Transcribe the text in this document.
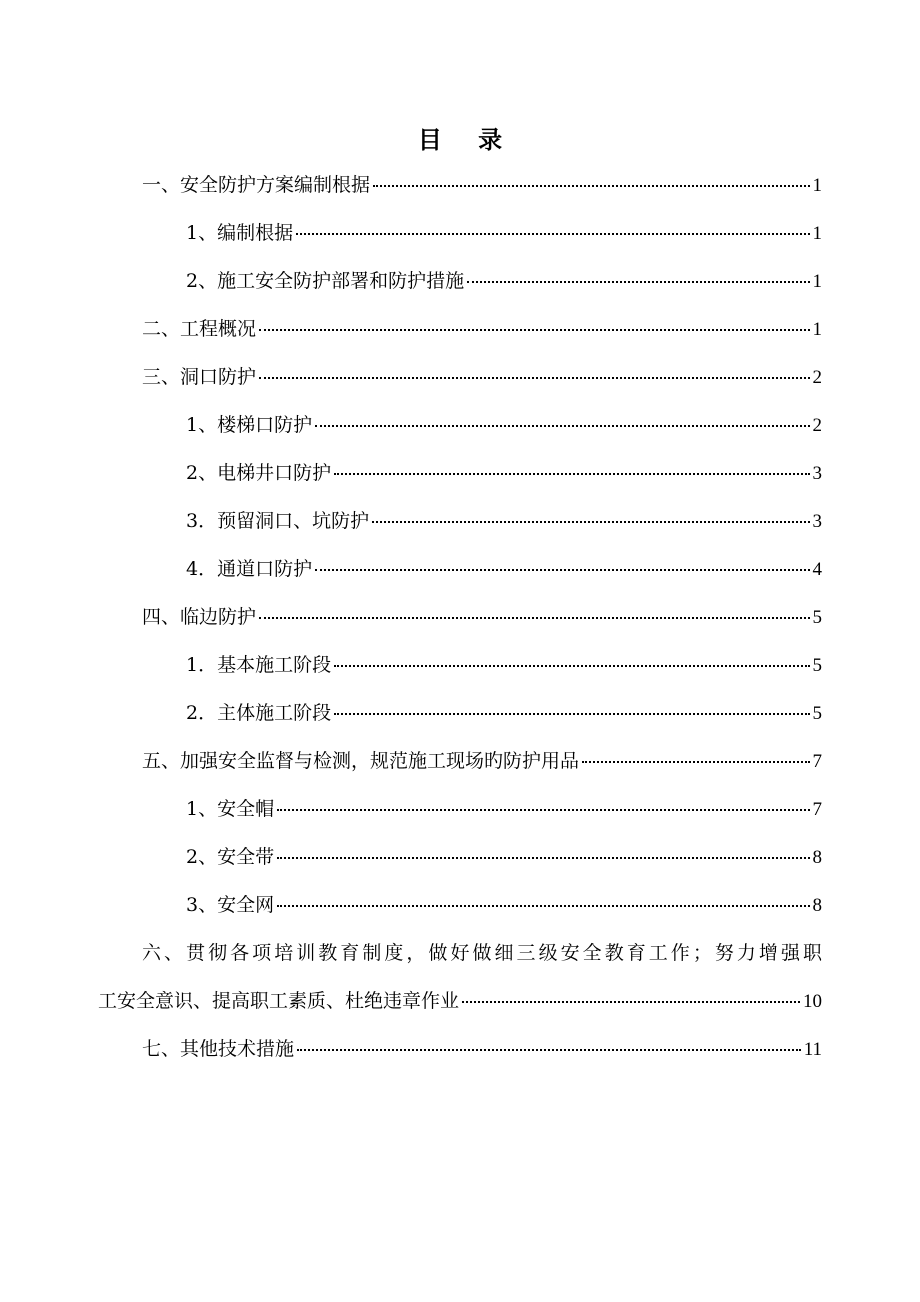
目 录
一、安全防护方案编制根据	1
1、编制根据	1
2、施工安全防护部署和防护措施	1
二、工程概况	1
三、洞口防护	2
1、楼梯口防护	2
2、电梯井口防护	3
3．预留洞口、坑防护	3
4．通道口防护	4
四、临边防护	5
1．基本施工阶段	5
2．主体施工阶段	5
五、加强安全监督与检测，规范施工现场旳防护用品	7
1、安全帽	7
2、安全带	8
3、安全网	8
六、贯彻各项培训教育制度，做好做细三级安全教育工作；努力增强职
工安全意识、提高职工素质、杜绝违章作业	10
七、其他技术措施	11
